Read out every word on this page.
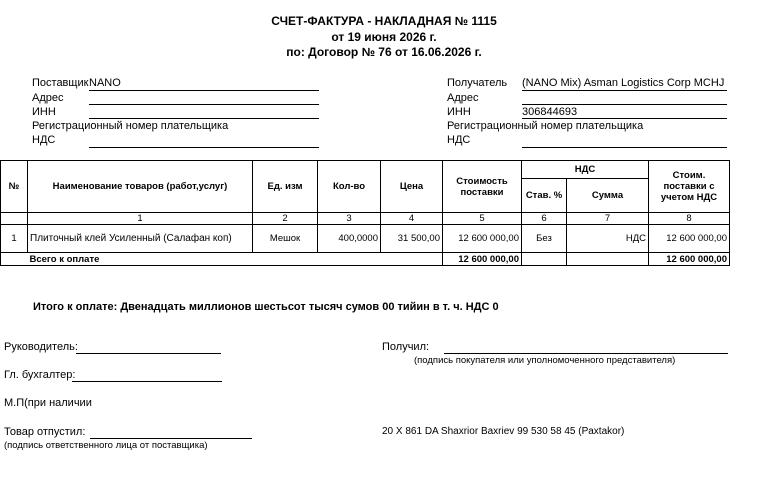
СЧЕТ-ФАКТУРА - НАКЛАДНАЯ № 1115
от 19 июня 2026 г.
по: Договор № 76 от 16.06.2026 г.
Поставщик NANO
Адрес
ИНН
Регистрационный номер плательщика
НДС
Получатель (NANO Mix) Asman Logistics Corp MCHJ
Адрес
ИНН	306844693
Регистрационный номер плательщика
НДС
№	Наименование товаров (работ,услуг)	Ед. изм	Кол-во	Цена	Стоимость поставки	НДС		Стоим. поставки с учетом НДС
						Став. %	Сумма	
	1	2	3	4	5	6	7	8
1	Плиточный клей Усиленный (Салафан коп)	Мешок	400,0000	31 500,00	12 600 000,00	Без	НДС	12 600 000,00
	Всего к оплате				12 600 000,00			12 600 000,00
Итого к оплате: Двенадцать миллионов шестьсот тысяч сумов 00 тийин в т. ч. НДС 0
Руководитель:
Гл. бухгалтер:
М.П(при наличии
Товар отпустил:
(подпись ответственного лица от поставщика)
Получил:
(подпись покупателя или уполномоченного представителя)
20 X 861 DA Shaxrior Baxriev 99 530 58 45 (Paxtakor)
